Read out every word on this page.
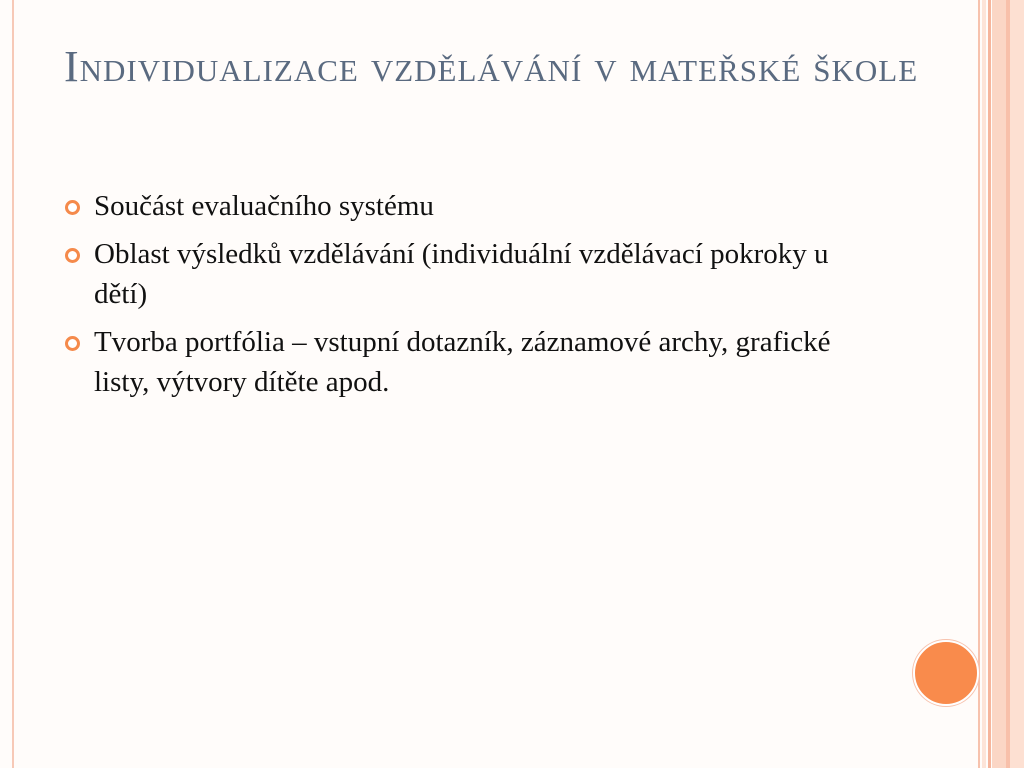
Individualizace vzdělávání v mateřské škole
Součást evaluačního systému
Oblast výsledků vzdělávání (individuální vzdělávací pokroky u dětí)
Tvorba portfólia – vstupní dotazník, záznamové archy, grafické listy, výtvory dítěte apod.
